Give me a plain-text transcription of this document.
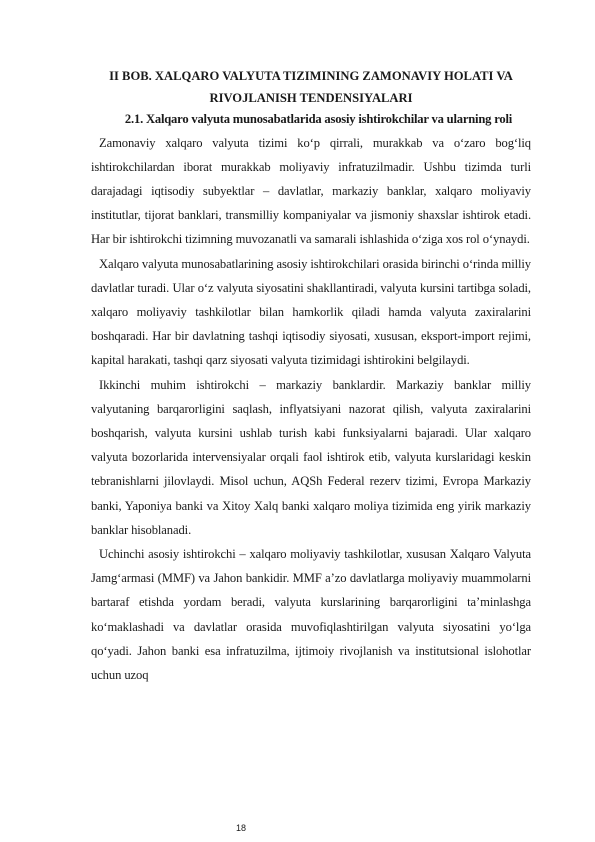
II BOB. XALQARO VALYUTA TIZIMINING ZAMONAVIY HOLATI VA RIVOJLANISH TENDENSIYALARI
2.1. Xalqaro valyuta munosabatlarida asosiy ishtirokchilar va ularning roli

Zamonaviy xalqaro valyuta tizimi ko‘p qirrali, murakkab va o‘zaro bog‘liq ishtirokchilardan iborat murakkab moliyaviy infratuzilmadir. Ushbu tizimda turli darajadagi iqtisodiy subyektlar – davlatlar, markaziy banklar, xalqaro moliyaviy institutlar, tijorat banklari, transmilliy kompaniyalar va jismoniy shaxslar ishtirok etadi. Har bir ishtirokchi tizimning muvozanatli va samarali ishlashida o‘ziga xos rol o‘ynaydi.

Xalqaro valyuta munosabatlarining asosiy ishtirokchilari orasida birinchi o‘rinda milliy davlatlar turadi. Ular o‘z valyuta siyosatini shakllantiradi, valyuta kursini tartibga soladi, xalqaro moliyaviy tashkilotlar bilan hamkorlik qiladi hamda valyuta zaxiralarini boshqaradi. Har bir davlatning tashqi iqtisodiy siyosati, xususan, eksport-import rejimi, kapital harakati, tashqi qarz siyosati valyuta tizimidagi ishtirokini belgilaydi.

Ikkinchi muhim ishtirokchi – markaziy banklardir. Markaziy banklar milliy valyutaning barqarorligini saqlash, inflyatsiyani nazorat qilish, valyuta zaxiralarini boshqarish, valyuta kursini ushlab turish kabi funksiyalarni bajaradi. Ular xalqaro valyuta bozorlarida intervensiyalar orqali faol ishtirok etib, valyuta kurslaridagi keskin tebranishlarni jilovlaydi. Misol uchun, AQSh Federal rezerv tizimi, Evropa Markaziy banki, Yaponiya banki va Xitoy Xalq banki xalqaro moliya tizimida eng yirik markaziy banklar hisoblanadi.

Uchinchi asosiy ishtirokchi – xalqaro moliyaviy tashkilotlar, xususan Xalqaro Valyuta Jamg‘armasi (MMF) va Jahon bankidir. MMF a’zo davlatlarga moliyaviy muammolarni bartaraf etishda yordam beradi, valyuta kurslarining barqarorligini ta’minlashga ko‘maklashadi va davlatlar orasida muvofiqlashtirilgan valyuta siyosatini yo‘lga qo‘yadi. Jahon banki esa infratuzilma, ijtimoiy rivojlanish va institutsional islohotlar uchun uzoq

18
